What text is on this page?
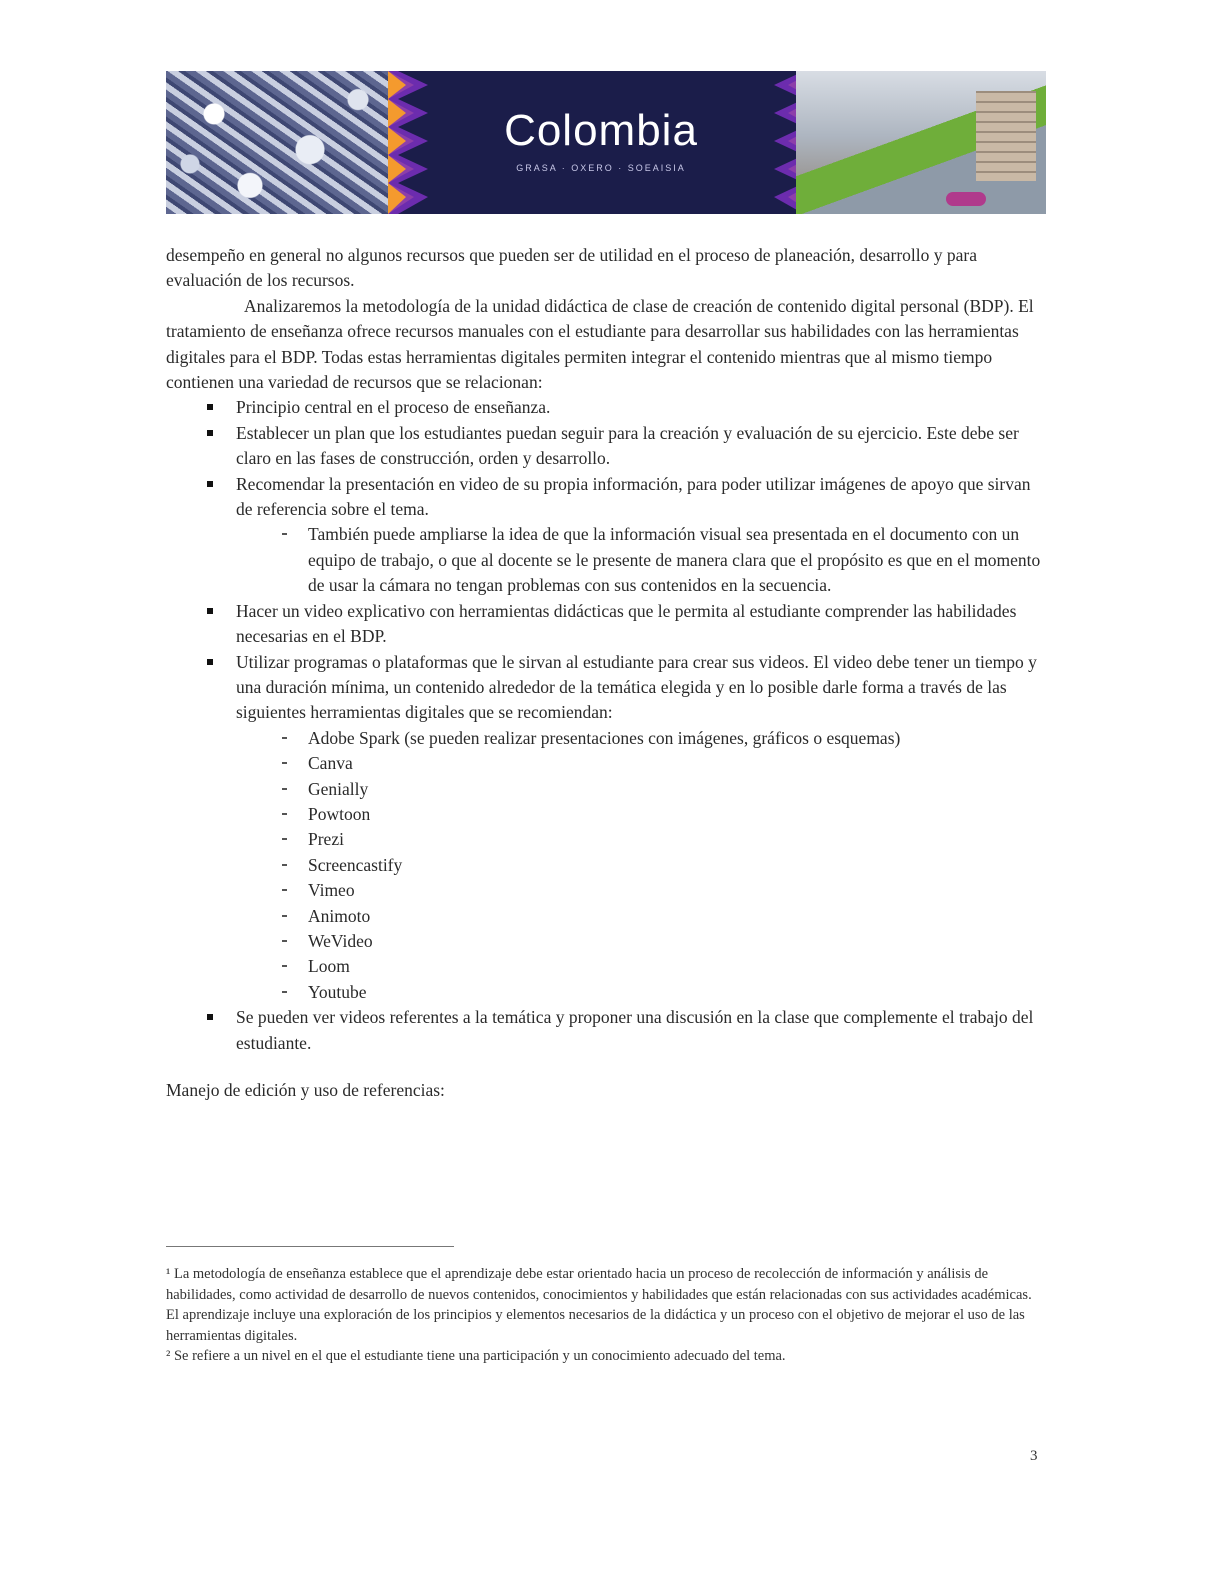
Colombia
GRASA · OXERO · SOEAISIA

desempeño en general no algunos recursos que pueden ser de utilidad en el proceso de planeación, desarrollo y para evaluación de los recursos.

Analizaremos la metodología de la unidad didáctica de clase de creación de contenido digital personal (BDP). El tratamiento de enseñanza ofrece recursos manuales con el estudiante para desarrollar sus habilidades con las herramientas digitales para el BDP. Todas estas herramientas digitales permiten integrar el contenido mientras que al mismo tiempo contienen una variedad de recursos que se relacionan:

Principio central en el proceso de enseñanza.
Establecer un plan que los estudiantes puedan seguir para la creación y evaluación de su ejercicio. Este debe ser claro en las fases de construcción, orden y desarrollo.
Recomendar la presentación en video de su propia información, para poder utilizar imágenes de apoyo que sirvan de referencia sobre el tema.
También puede ampliarse la idea de que la información visual sea presentada en el documento con un equipo de trabajo, o que al docente se le presente de manera clara que el propósito es que en el momento de usar la cámara no tengan problemas con sus contenidos en la secuencia.
Hacer un video explicativo con herramientas didácticas que le permita al estudiante comprender las habilidades necesarias en el BDP.
Utilizar programas o plataformas que le sirvan al estudiante para crear sus videos. El video debe tener un tiempo y una duración mínima, un contenido alrededor de la temática elegida y en lo posible darle forma a través de las siguientes herramientas digitales que se recomiendan:
Adobe Spark (se pueden realizar presentaciones con imágenes, gráficos o esquemas)
Canva
Genially
Powtoon
Prezi
Screencastify
Vimeo
Animoto
WeVideo
Loom
Youtube
Se pueden ver videos referentes a la temática y proponer una discusión en la clase que complemente el trabajo del estudiante.

Manejo de edición y uso de referencias:

¹ La metodología de enseñanza establece que el aprendizaje debe estar orientado hacia un proceso de recolección de información y análisis de habilidades, como actividad de desarrollo de nuevos contenidos, conocimientos y habilidades que están relacionadas con sus actividades académicas. El aprendizaje incluye una exploración de los principios y elementos necesarios de la didáctica y un proceso con el objetivo de mejorar el uso de las herramientas digitales.

² Se refiere a un nivel en el que el estudiante tiene una participación y un conocimiento adecuado del tema.

3
